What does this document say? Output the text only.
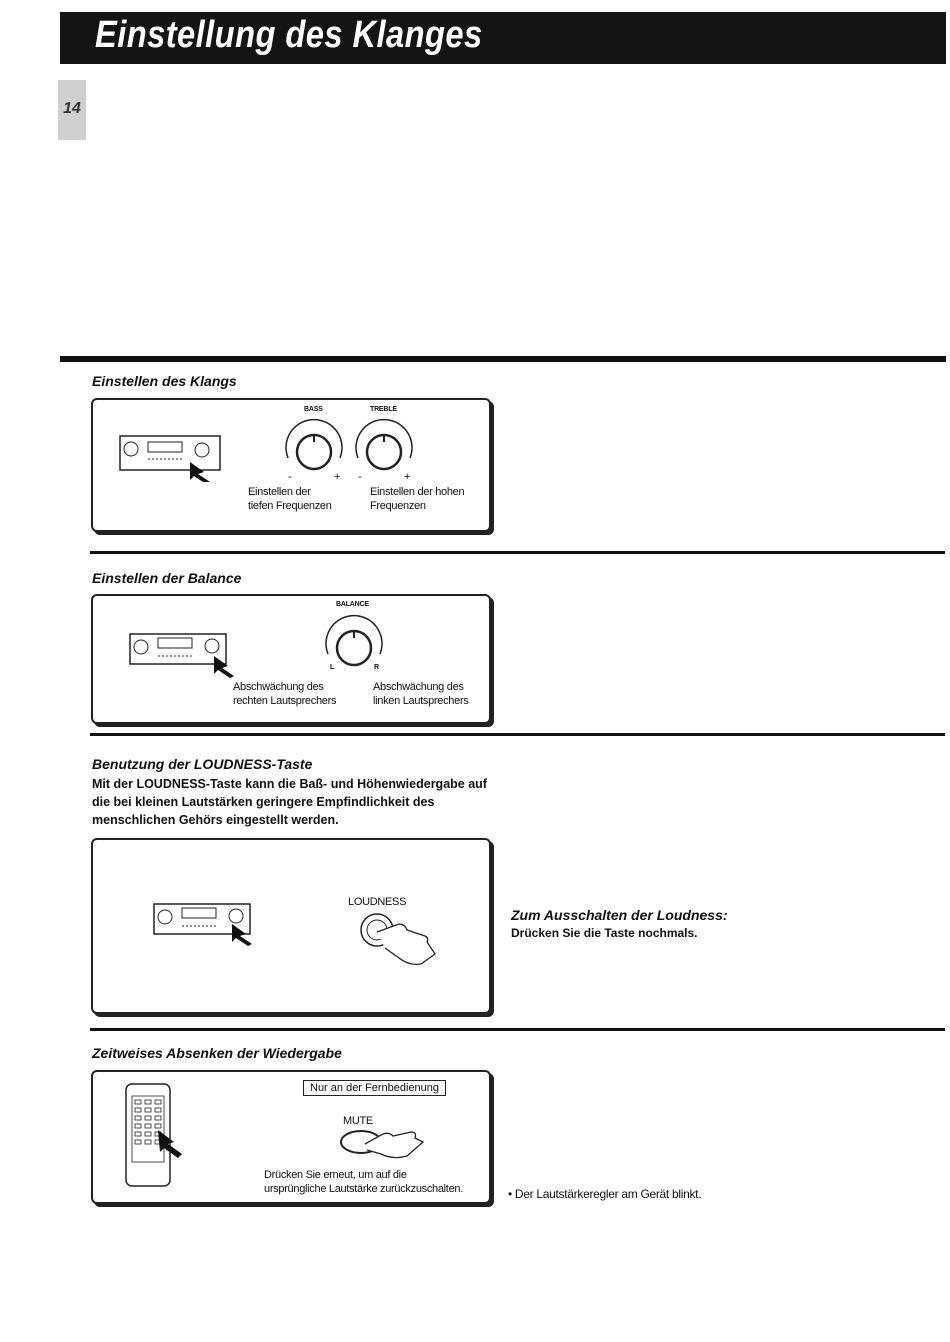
Einstellung des Klanges
14
Einstellen des Klangs
BASS	TREBLE
-	+ -	+
Einstellen der
tiefen Frequenzen
Einstellen der hohen
Frequenzen
Einstellen der Balance
BALANCE
L	R
Abschwächung des
rechten Lautsprechers
Abschwächung des
linken Lautsprechers
Benutzung der LOUDNESS-Taste
Mit der LOUDNESS-Taste kann die Baß- und Höhenwiedergabe auf
die bei kleinen Lautstärken geringere Empfindlichkeit des
menschlichen Gehörs eingestellt werden.
LOUDNESS
Zum Ausschalten der Loudness:
Drücken Sie die Taste nochmals.
Zeitweises Absenken der Wiedergabe
Nur an der Fernbedienung
MUTE
Drücken Sie erneut, um auf die
ursprüngliche Lautstärke zurückzuschalten.	• Der Lautstärkeregler am Gerät blinkt.
